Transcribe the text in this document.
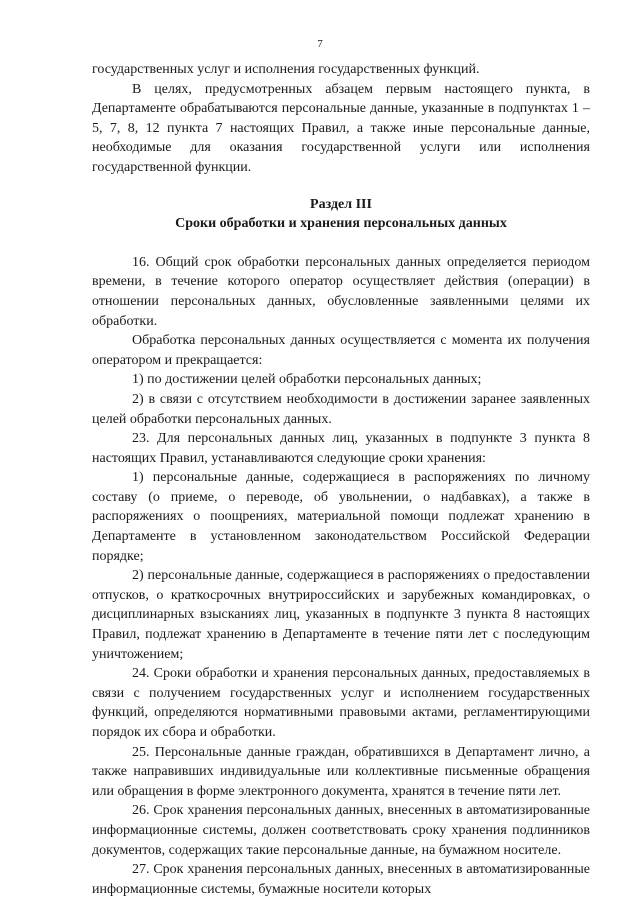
7

государственных услуг и исполнения государственных функций.

В целях, предусмотренных абзацем первым настоящего пункта, в Департаменте обрабатываются персональные данные, указанные в подпунктах 1 – 5, 7, 8, 12 пункта 7 настоящих Правил, а также иные персональные данные, необходимые для оказания государственной услуги или исполнения государственной функции.

Раздел III
Сроки обработки и хранения персональных данных

16. Общий срок обработки персональных данных определяется периодом времени, в течение которого оператор осуществляет действия (операции) в отношении персональных данных, обусловленные заявленными целями их обработки.

Обработка персональных данных осуществляется с момента их получения оператором и прекращается:

1) по достижении целей обработки персональных данных;

2) в связи с отсутствием необходимости в достижении заранее заявленных целей обработки персональных данных.

23. Для персональных данных лиц, указанных в подпункте 3 пункта 8 настоящих Правил, устанавливаются следующие сроки хранения:

1) персональные данные, содержащиеся в распоряжениях по личному составу (о приеме, о переводе, об увольнении, о надбавках), а также в распоряжениях о поощрениях, материальной помощи подлежат хранению в Департаменте в установленном законодательством Российской Федерации порядке;

2) персональные данные, содержащиеся в распоряжениях о предоставлении отпусков, о краткосрочных внутрироссийских и зарубежных командировках, о дисциплинарных взысканиях лиц, указанных в подпункте 3 пункта 8 настоящих Правил, подлежат хранению в Департаменте в течение пяти лет с последующим уничтожением;

24. Сроки обработки и хранения персональных данных, предоставляемых в связи с получением государственных услуг и исполнением государственных функций, определяются нормативными правовыми актами, регламентирующими порядок их сбора и обработки.

25. Персональные данные граждан, обратившихся в Департамент лично, а также направивших индивидуальные или коллективные письменные обращения или обращения в форме электронного документа, хранятся в течение пяти лет.

26. Срок хранения персональных данных, внесенных в автоматизированные информационные системы, должен соответствовать сроку хранения подлинников документов, содержащих такие персональные данные, на бумажном носителе.

27. Срок хранения персональных данных, внесенных в автоматизированные информационные системы, бумажные носители которых
